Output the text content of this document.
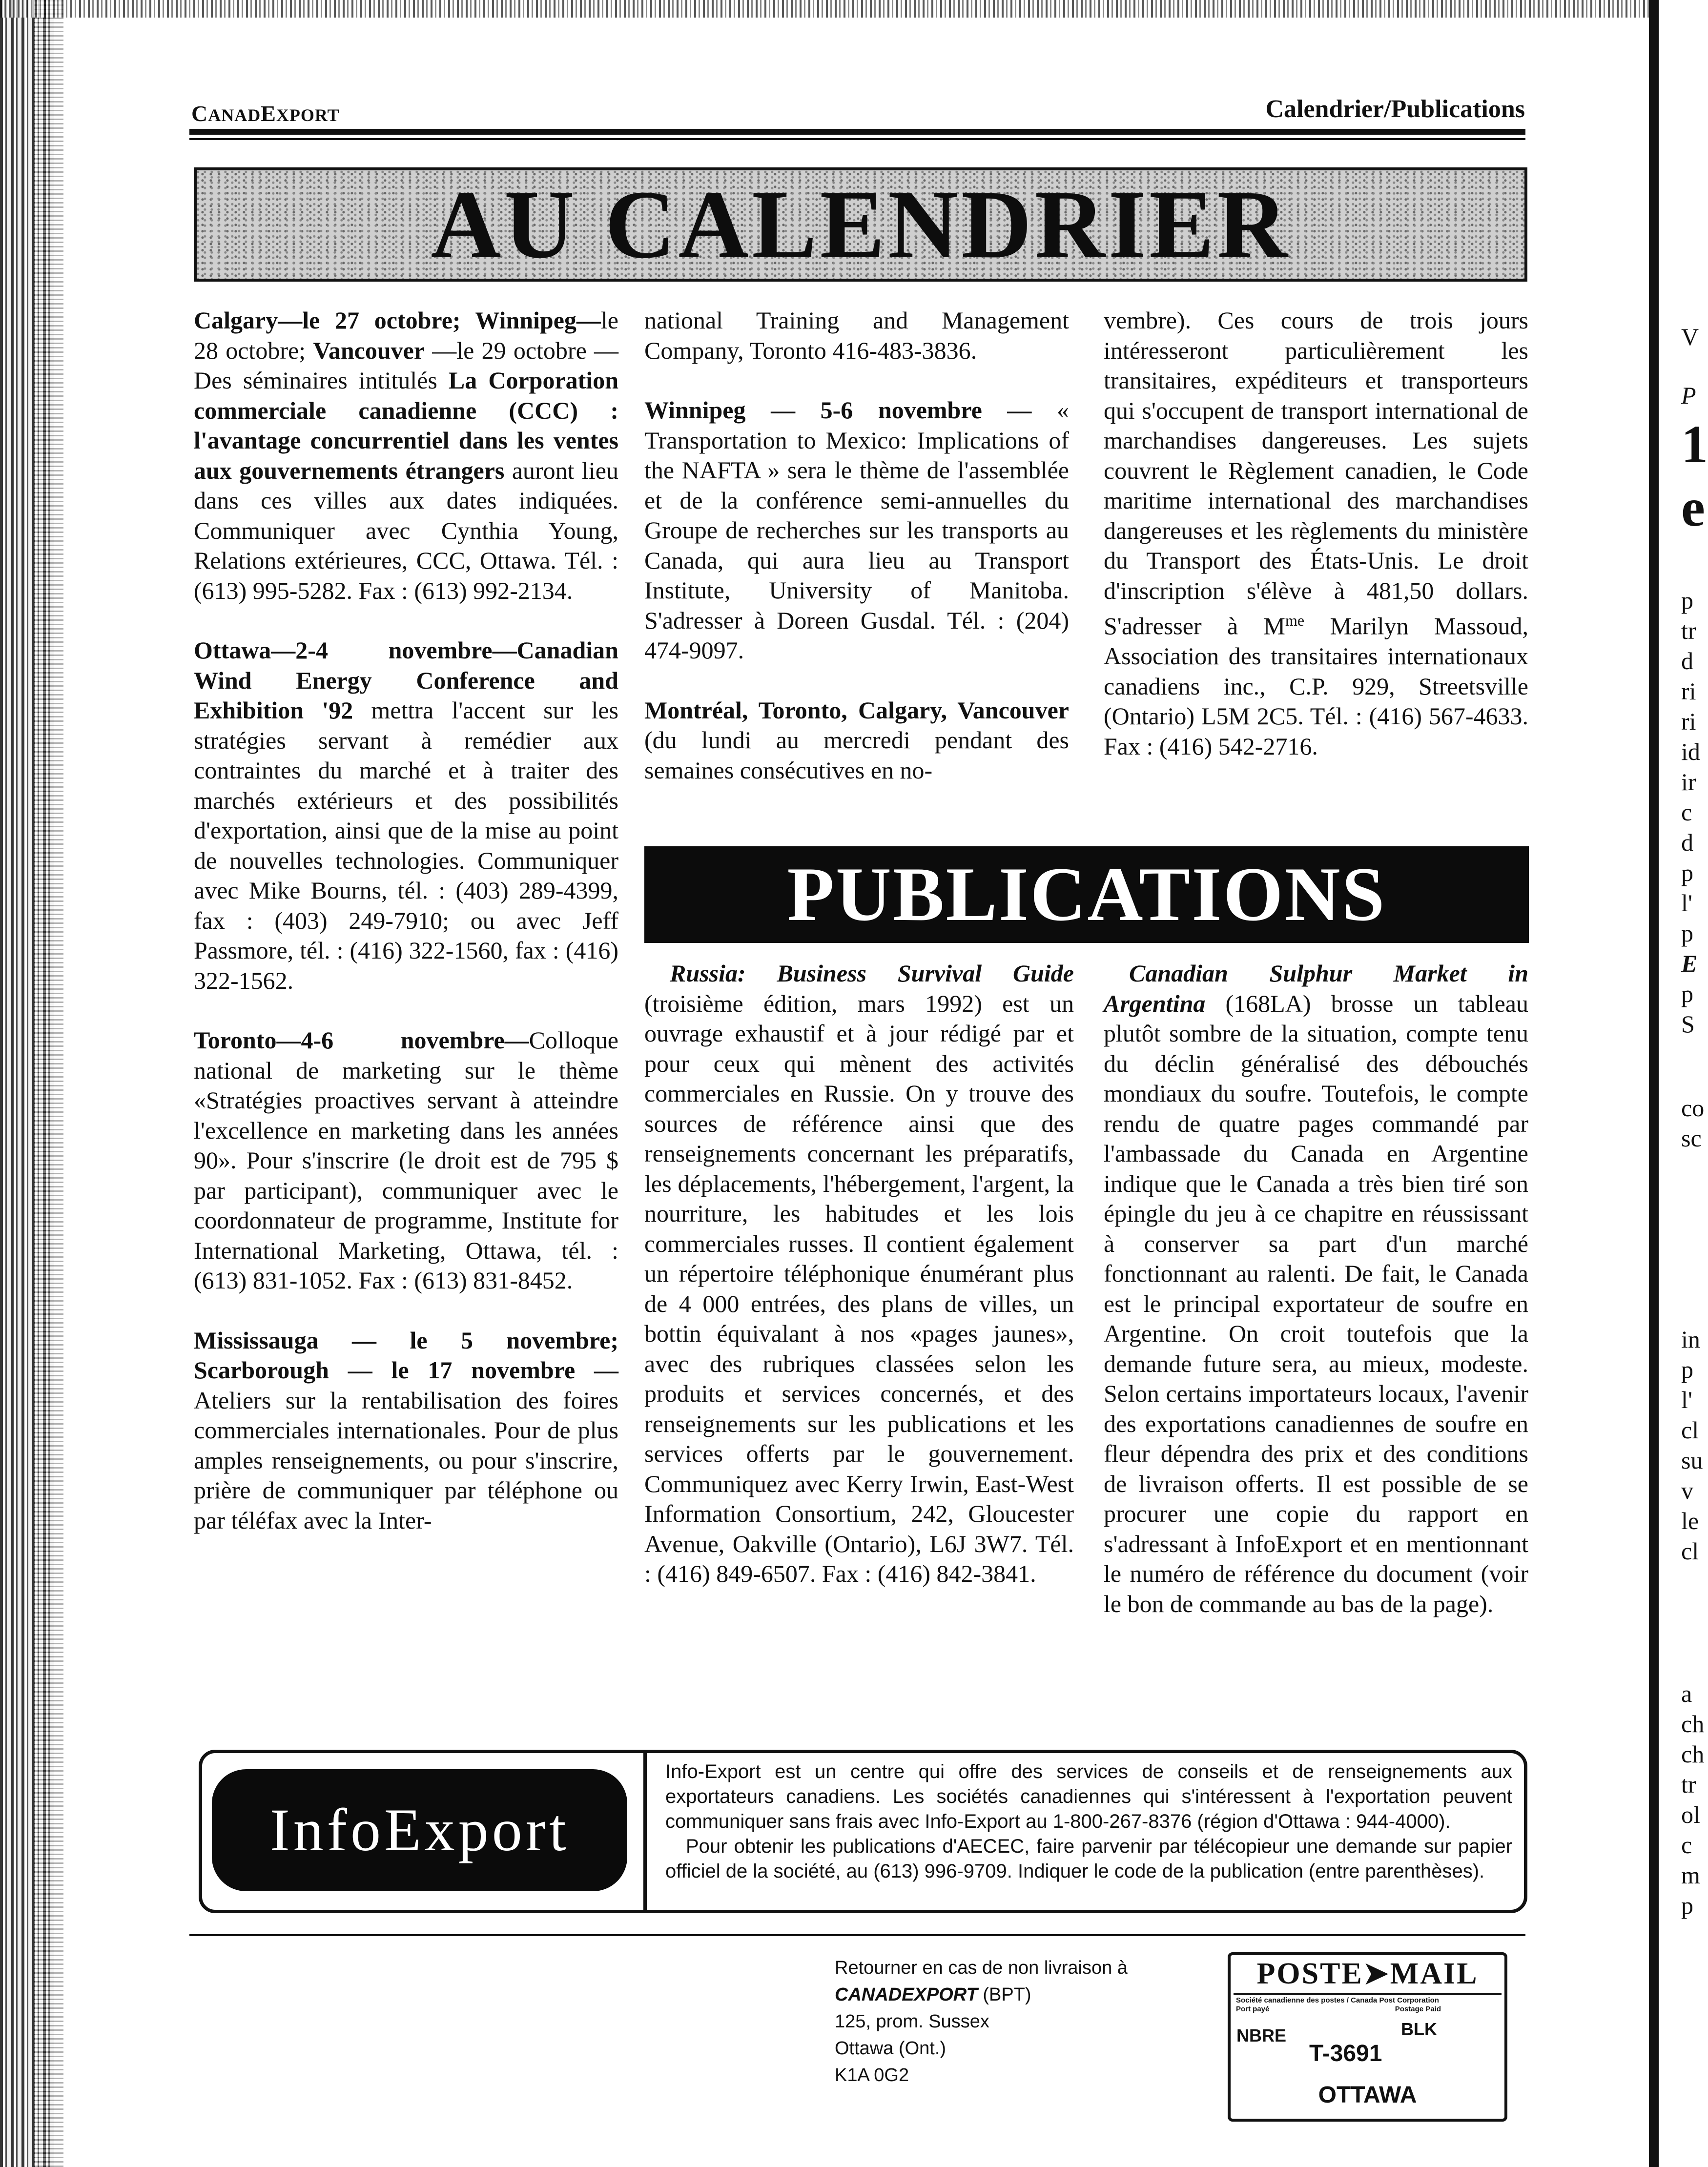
V
P
1
e
p
tr
d
ri
ri
id
ir
c
d
p
l'
p
E
p
S
co
sc
in
p
l'
cl
su
v
le
cl
a
ch
ch
tr
ol
c
m
p
CANADEXPORT	Calendrier/Publications
AU CALENDRIER

Calgary—le 27 octobre; Winnipeg—le 28 octobre; Vancouver —le 29 octobre — Des séminaires intitulés La Corporation commerciale canadienne (CCC) : l'avantage concurrentiel dans les ventes aux gouvernements étrangers auront lieu dans ces villes aux dates indiquées. Communiquer avec Cynthia Young, Relations extérieures, CCC, Ottawa. Tél. : (613) 995-5282. Fax : (613) 992-2134.

Ottawa—2-4 novembre—Canadian Wind Energy Conference and Exhibition '92 mettra l'accent sur les stratégies servant à remédier aux contraintes du marché et à traiter des marchés extérieurs et des possibilités d'exportation, ainsi que de la mise au point de nouvelles technologies. Communiquer avec Mike Bourns, tél. : (403) 289-4399, fax : (403) 249-7910; ou avec Jeff Passmore, tél. : (416) 322-1560, fax : (416) 322-1562.

Toronto—4-6 novembre—Colloque national de marketing sur le thème «Stratégies proactives servant à atteindre l'excellence en marketing dans les années 90». Pour s'inscrire (le droit est de 795 $ par participant), communiquer avec le coordonnateur de programme, Institute for International Marketing, Ottawa, tél. : (613) 831-1052. Fax : (613) 831-8452.

Mississauga — le 5 novembre; Scarborough — le 17 novembre — Ateliers sur la rentabilisation des foires commerciales internationales. Pour de plus amples renseignements, ou pour s'inscrire, prière de communiquer par téléphone ou par téléfax avec la Inter-

national Training and Management Company, Toronto 416-483-3836.

Winnipeg — 5-6 novembre — « Transportation to Mexico: Implications of the NAFTA » sera le thème de l'assemblée et de la conférence semi-annuelles du Groupe de recherches sur les transports au Canada, qui aura lieu au Transport Institute, University of Manitoba. S'adresser à Doreen Gusdal. Tél. : (204) 474-9097.

Montréal, Toronto, Calgary, Vancouver (du lundi au mercredi pendant des semaines consécutives en no-

vembre). Ces cours de trois jours intéresseront particulièrement les transitaires, expéditeurs et transporteurs qui s'occupent de transport international de marchandises dangereuses. Les sujets couvrent le Règlement canadien, le Code maritime international des marchandises dangereuses et les règlements du ministère du Transport des États-Unis. Le droit d'inscription s'élève à 481,50 dollars. S'adresser à $M^{me}$ Marilyn Massoud, Association des transitaires internationaux canadiens inc., C.P. 929, Streetsville (Ontario) L5M 2C5. Tél. : (416) 567-4633. Fax : (416) 542-2716.

PUBLICATIONS

Russia: Business Survival Guide (troisième édition, mars 1992) est un ouvrage exhaustif et à jour rédigé par et pour ceux qui mènent des activités commerciales en Russie. On y trouve des sources de référence ainsi que des renseignements concernant les préparatifs, les déplacements, l'hébergement, l'argent, la nourriture, les habitudes et les lois commerciales russes. Il contient également un répertoire téléphonique énumérant plus de 4 000 entrées, des plans de villes, un bottin équivalant à nos «pages jaunes», avec des rubriques classées selon les produits et services concernés, et des renseignements sur les publications et les services offerts par le gouvernement. Communiquez avec Kerry Irwin, East-West Information Consortium, 242, Gloucester Avenue, Oakville (Ontario), L6J 3W7. Tél. : (416) 849-6507. Fax : (416) 842-3841.

Canadian Sulphur Market in Argentina (168LA) brosse un tableau plutôt sombre de la situation, compte tenu du déclin généralisé des débouchés mondiaux du soufre. Toutefois, le compte rendu de quatre pages commandé par l'ambassade du Canada en Argentine indique que le Canada a très bien tiré son épingle du jeu à ce chapitre en réussissant à conserver sa part d'un marché fonctionnant au ralenti. De fait, le Canada est le principal exportateur de soufre en Argentine. On croit toutefois que la demande future sera, au mieux, modeste. Selon certains importateurs locaux, l'avenir des exportations canadiennes de soufre en fleur dépendra des prix et des conditions de livraison offerts. Il est possible de se procurer une copie du rapport en s'adressant à InfoExport et en mentionnant le numéro de référence du document (voir le bon de commande au bas de la page).

InfoExport

Info-Export est un centre qui offre des services de conseils et de renseignements aux exportateurs canadiens. Les sociétés canadiennes qui s'intéressent à l'exportation peuvent communiquer sans frais avec Info-Export au 1-800-267-8376 (région d'Ottawa : 944-4000).

Pour obtenir les publications d'AECEC, faire parvenir par télécopieur une demande sur papier officiel de la société, au (613) 996-9709. Indiquer le code de la publication (entre parenthèses).

Retourner en cas de non livraison à
CANADEXPORT (BPT)
125, prom. Sussex
Ottawa (Ont.)
K1A 0G2
POSTE➤MAIL
Société canadienne des postes / Canada Post Corporation
Port payé	Postage Paid
NBRE	BLK
T-3691
OTTAWA
